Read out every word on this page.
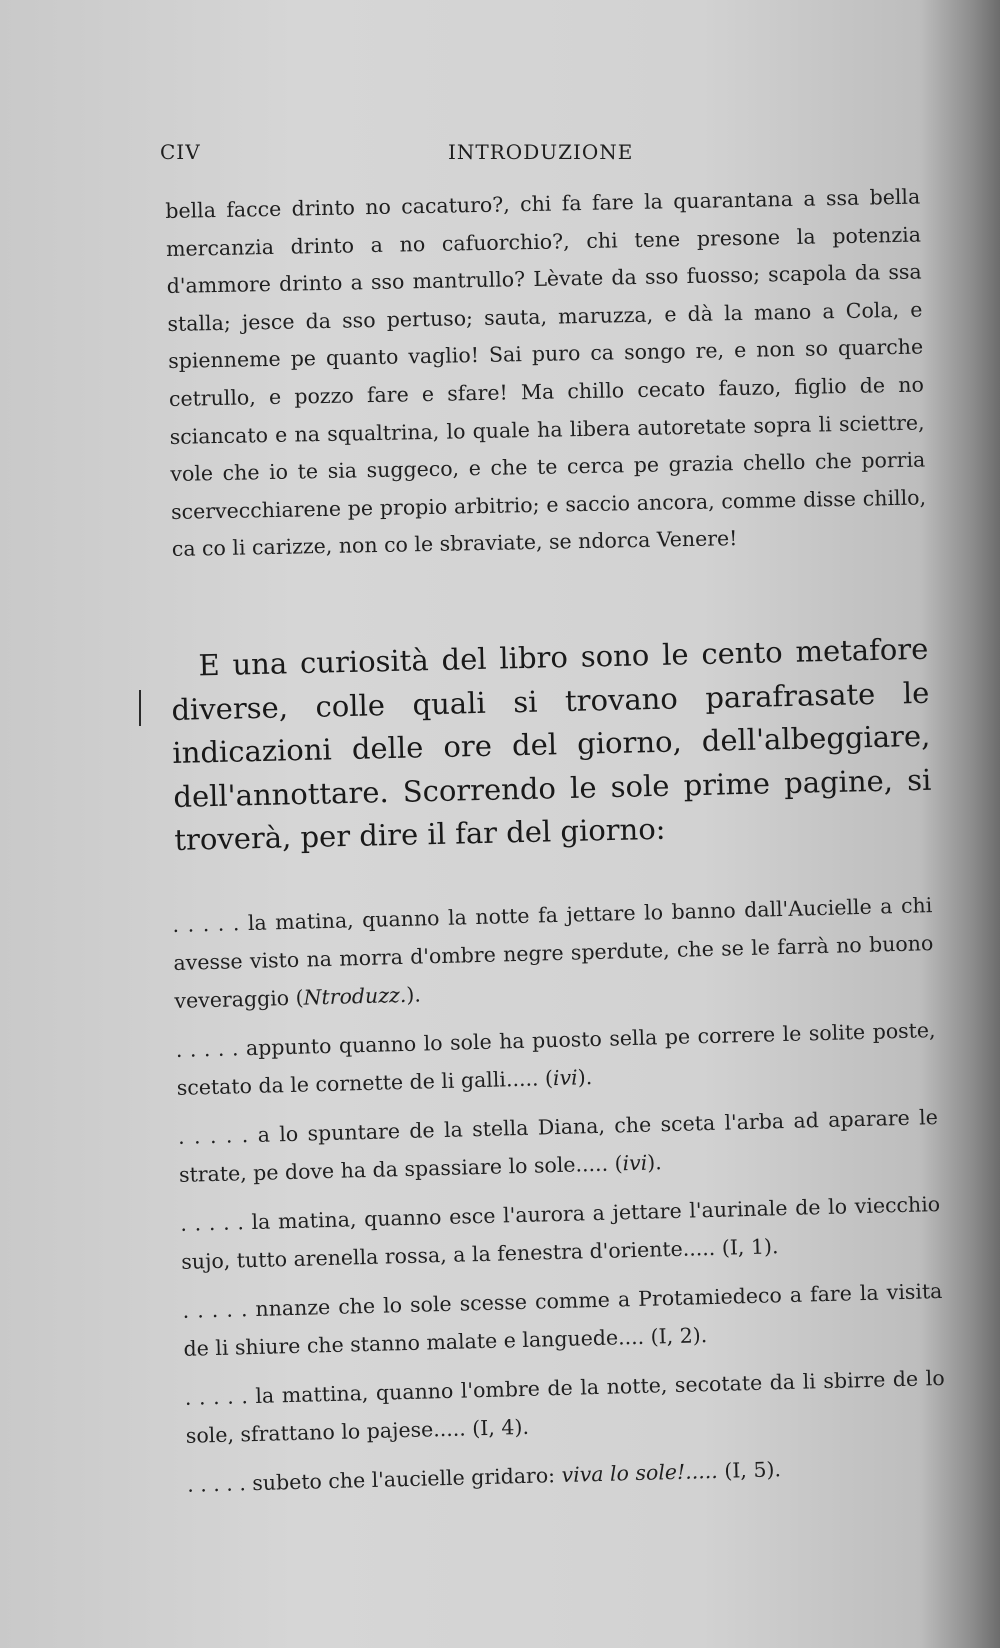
CIV	INTRODUZIONE

bella facce drinto no cacaturo?, chi fa fare la quarantana a ssa bella mercanzia drinto a no cafuorchio?, chi tene presone la potenzia d'ammore drinto a sso mantrullo? Lèvate da sso fuosso; scapola da ssa stalla; jesce da sso pertuso; sauta, maruzza, e dà la mano a Cola, e spienneme pe quanto vaglio! Sai puro ca songo re, e non so quarche cetrullo, e pozzo fare e sfare! Ma chillo cecato fauzo, figlio de no sciancato e na squaltrina, lo quale ha libera autoretate sopra li sciettre, vole che io te sia suggeco, e che te cerca pe grazia chello che porria scervecchiarene pe propio arbitrio; e saccio ancora, comme disse chillo, ca co li carizze, non co le sbraviate, se ndorca Venere!

E una curiosità del libro sono le cento metafore diverse, colle quali si trovano parafrasate le indicazioni delle ore del giorno, dell'albeggiare, dell'annottare. Scorrendo le sole prime pagine, si troverà, per dire il far del giorno:

. . . . . la matina, quanno la notte fa jettare lo banno dall'Aucielle a chi avesse visto na morra d'ombre negre sperdute, che se le farrà no buono veveraggio (Ntroduzz.).

. . . . . appunto quanno lo sole ha puosto sella pe correre le solite poste, scetato da le cornette de li galli..... (ivi).

. . . . . a lo spuntare de la stella Diana, che sceta l'arba ad aparare le strate, pe dove ha da spassiare lo sole..... (ivi).

. . . . . la matina, quanno esce l'aurora a jettare l'aurinale de lo viecchio sujo, tutto arenella rossa, a la fenestra d'oriente..... (I, 1).

. . . . . nnanze che lo sole scesse comme a Protamiedeco a fare la visita de li shiure che stanno malate e languede.... (I, 2).

. . . . . la mattina, quanno l'ombre de la notte, secotate da li sbirre de lo sole, sfrattano lo pajese..... (I, 4).

. . . . . subeto che l'aucielle gridaro: viva lo sole!..... (I, 5).
